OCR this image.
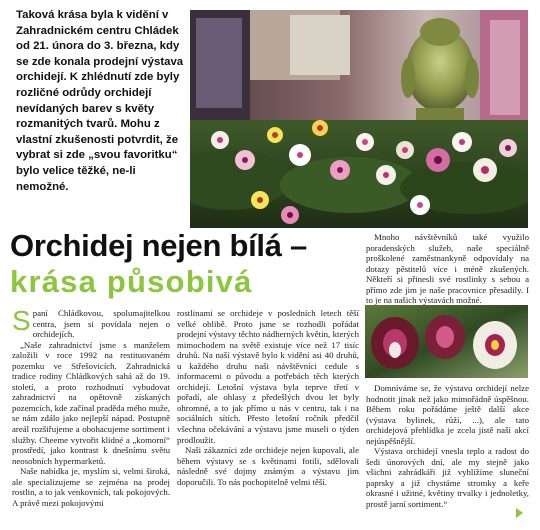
Taková krása byla k vidění v Zahradnickém centru Chládek od 21. února do 3. března, kdy se zde konala prodejní výstava orchidejí. K zhlédnutí zde byly rozličné odrůdy orchidejí nevídaných barev s květy rozmanitých tvarů. Mohu z vlastní zkušenosti potvrdit, že vybrat si zde „svou favoritku“ bylo velice těžké, ne-li nemožné.
Orchidej nejen bílá –
krása působivá

Spaní Chládkovou, spolumajitelkou centra, jsem si povídala nejen o orchidejích.

„Naše zahradnictví jsme s manželem založili v roce 1992 na restituovaném pozemku ve Střešovicích. Zahradnická tradice rodiny Chládkových sahá až do 19. století, a proto rozhodnutí vybudovat zahradnictví na opětovně získaných pozemcích, kde začínal praděda mého muže, se nám zdálo jako nejlepší nápad. Postupně areál rozšiřujeme a obohacujeme sortiment i služby. Cheeme vytvořit klidné a „komorní“ prostředí, jako kontrast k dnešnímu světu neosobních hypermarketů.

Naše nabídka je, myslím si, velmi široká, ale specializujeme se zejména na prodej rostlin, a to jak venkovních, tak pokojových. A právě mezi pokojovými

rostlinami se orchideje v posledních letech těší velké oblibě. Proto jsme se rozhodli pořádat prodejní výstavy těchto nádherných květin, kterých mimochodem na světě existuje více než 17 tisíc druhů. Na naší výstavě bylo k vidění asi 40 druhů, u každého druhu naši návštěvníci cedule s informacemi o původu a potřebách těch kterých orchidejí. Letošní výstava byla teprve třetí v pořadí, ale ohlasy z předešlých dvou let byly ohromné, a to jak přímo u nás v centru, tak i na sociálních sítích. Přesto letošní ročník předčil všechna očekávání a výstavu jsme museli o týden prodloužit.

Naši zákazníci zde orchideje nejen kupovali, ale během výstavy se s květinami fotili, sdělovali následně své dojmy známým a výstavu jim doporučili. To nás pochopitelně velmi těší.

Mnoho návštěvníků také využilo poradenských služeb, naše speciálně proškolené zaměstnankyně odpovídaly na dotazy pěstitelů více i méně zkušených. Někteří si přinesli své rostlinky s sebou a přímo zde jim je naše pracovnice přesadily. I to je na našich výstavách možné.

Domníváme se, že výstavu orchidejí nelze hodnotit jinak než jako mimořádně úspěšnou. Během roku pořádáme ještě další akce (výstava bylinek, růží, ...), ale tato orchidejová přehlídka je zcela jistě naší akcí nejúspěšnější.

Výstava orchidejí vnesla teplo a radost do šedi únorových dní, ale my stejně jako všichni zahrádkáři již vyhlížíme sluneční paprsky a již chystáme stromky a keře okrasné i užitné, květiny trvalky i jednoletky, prostě jarní sortiment.“
